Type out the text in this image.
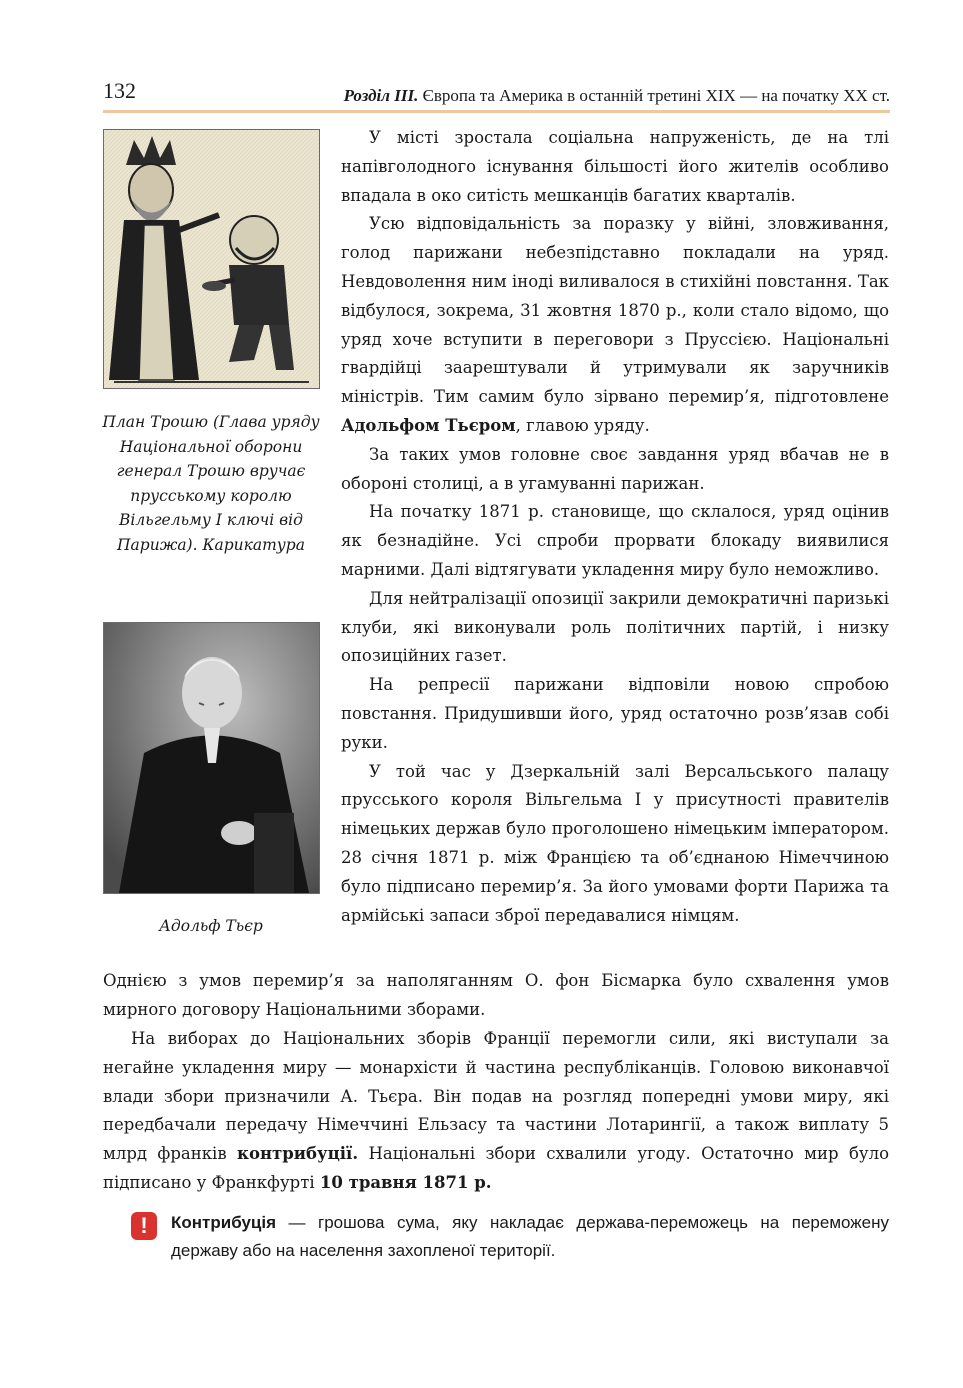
132	Розділ III. Європа та Америка в останній третині ХІХ — на початку ХХ ст.
План Трошю (Глава уряду Національної оборони генерал Трошю вручає прусському королю Вільгельму І ключі від Парижа). Карикатура
Адольф Тьєр

У місті зростала соціальна напруженість, де на тлі напівголодного існування більшості його жителів особливо впадала в око ситість мешканців багатих кварталів.

Усю відповідальність за поразку у війні, зловживання, голод парижани небезпідставно покладали на уряд. Невдоволення ним іноді виливалося в стихійні повстання. Так відбулося, зокрема, 31 жовтня 1870 р., коли стало відомо, що уряд хоче вступити в переговори з Пруссією. Національні гвардійці заарештували й утримували як заручників міністрів. Тим самим було зірвано перемир’я, підготовлене Адольфом Тьєром, главою уряду.

За таких умов головне своє завдання уряд вбачав не в обороні столиці, а в угамуванні парижан.

На початку 1871 р. становище, що склалося, уряд оцінив як безнадійне. Усі спроби прорвати блокаду виявилися марними. Далі відтягувати укладення миру було неможливо.

Для нейтралізації опозиції закрили демократичні паризькі клуби, які виконували роль політичних партій, і низку опозиційних газет.

На репресії парижани відповіли новою спробою повстання. Придушивши його, уряд остаточно розв’язав собі руки.

У той час у Дзеркальній залі Версальського палацу прусського короля Вільгельма І у присутності правителів німецьких держав було проголошено німецьким імператором. 28 січня 1871 р. між Францією та об’єднаною Німеччиною було підписано перемир’я. За його умовами форти Парижа та армійські запаси зброї передавалися німцям.

Однією з умов перемир’я за наполяганням О. фон Бісмарка було схвалення умов мирного договору Національними зборами.

На виборах до Національних зборів Франції перемогли сили, які виступали за негайне укладення миру — монархісти й частина республіканців. Головою виконавчої влади збори призначили А. Тьєра. Він подав на розгляд попередні умови миру, які передбачали передачу Німеччині Ельзасу та частини Лотарингії, а також виплату 5 млрд франків контрибуції. Національні збори схвалили угоду. Остаточно мир було підписано у Франкфурті 10 травня 1871 р.

!	Контрибуція — грошова сума, яку накладає держава-переможець на переможену державу або на населення захопленої території.
